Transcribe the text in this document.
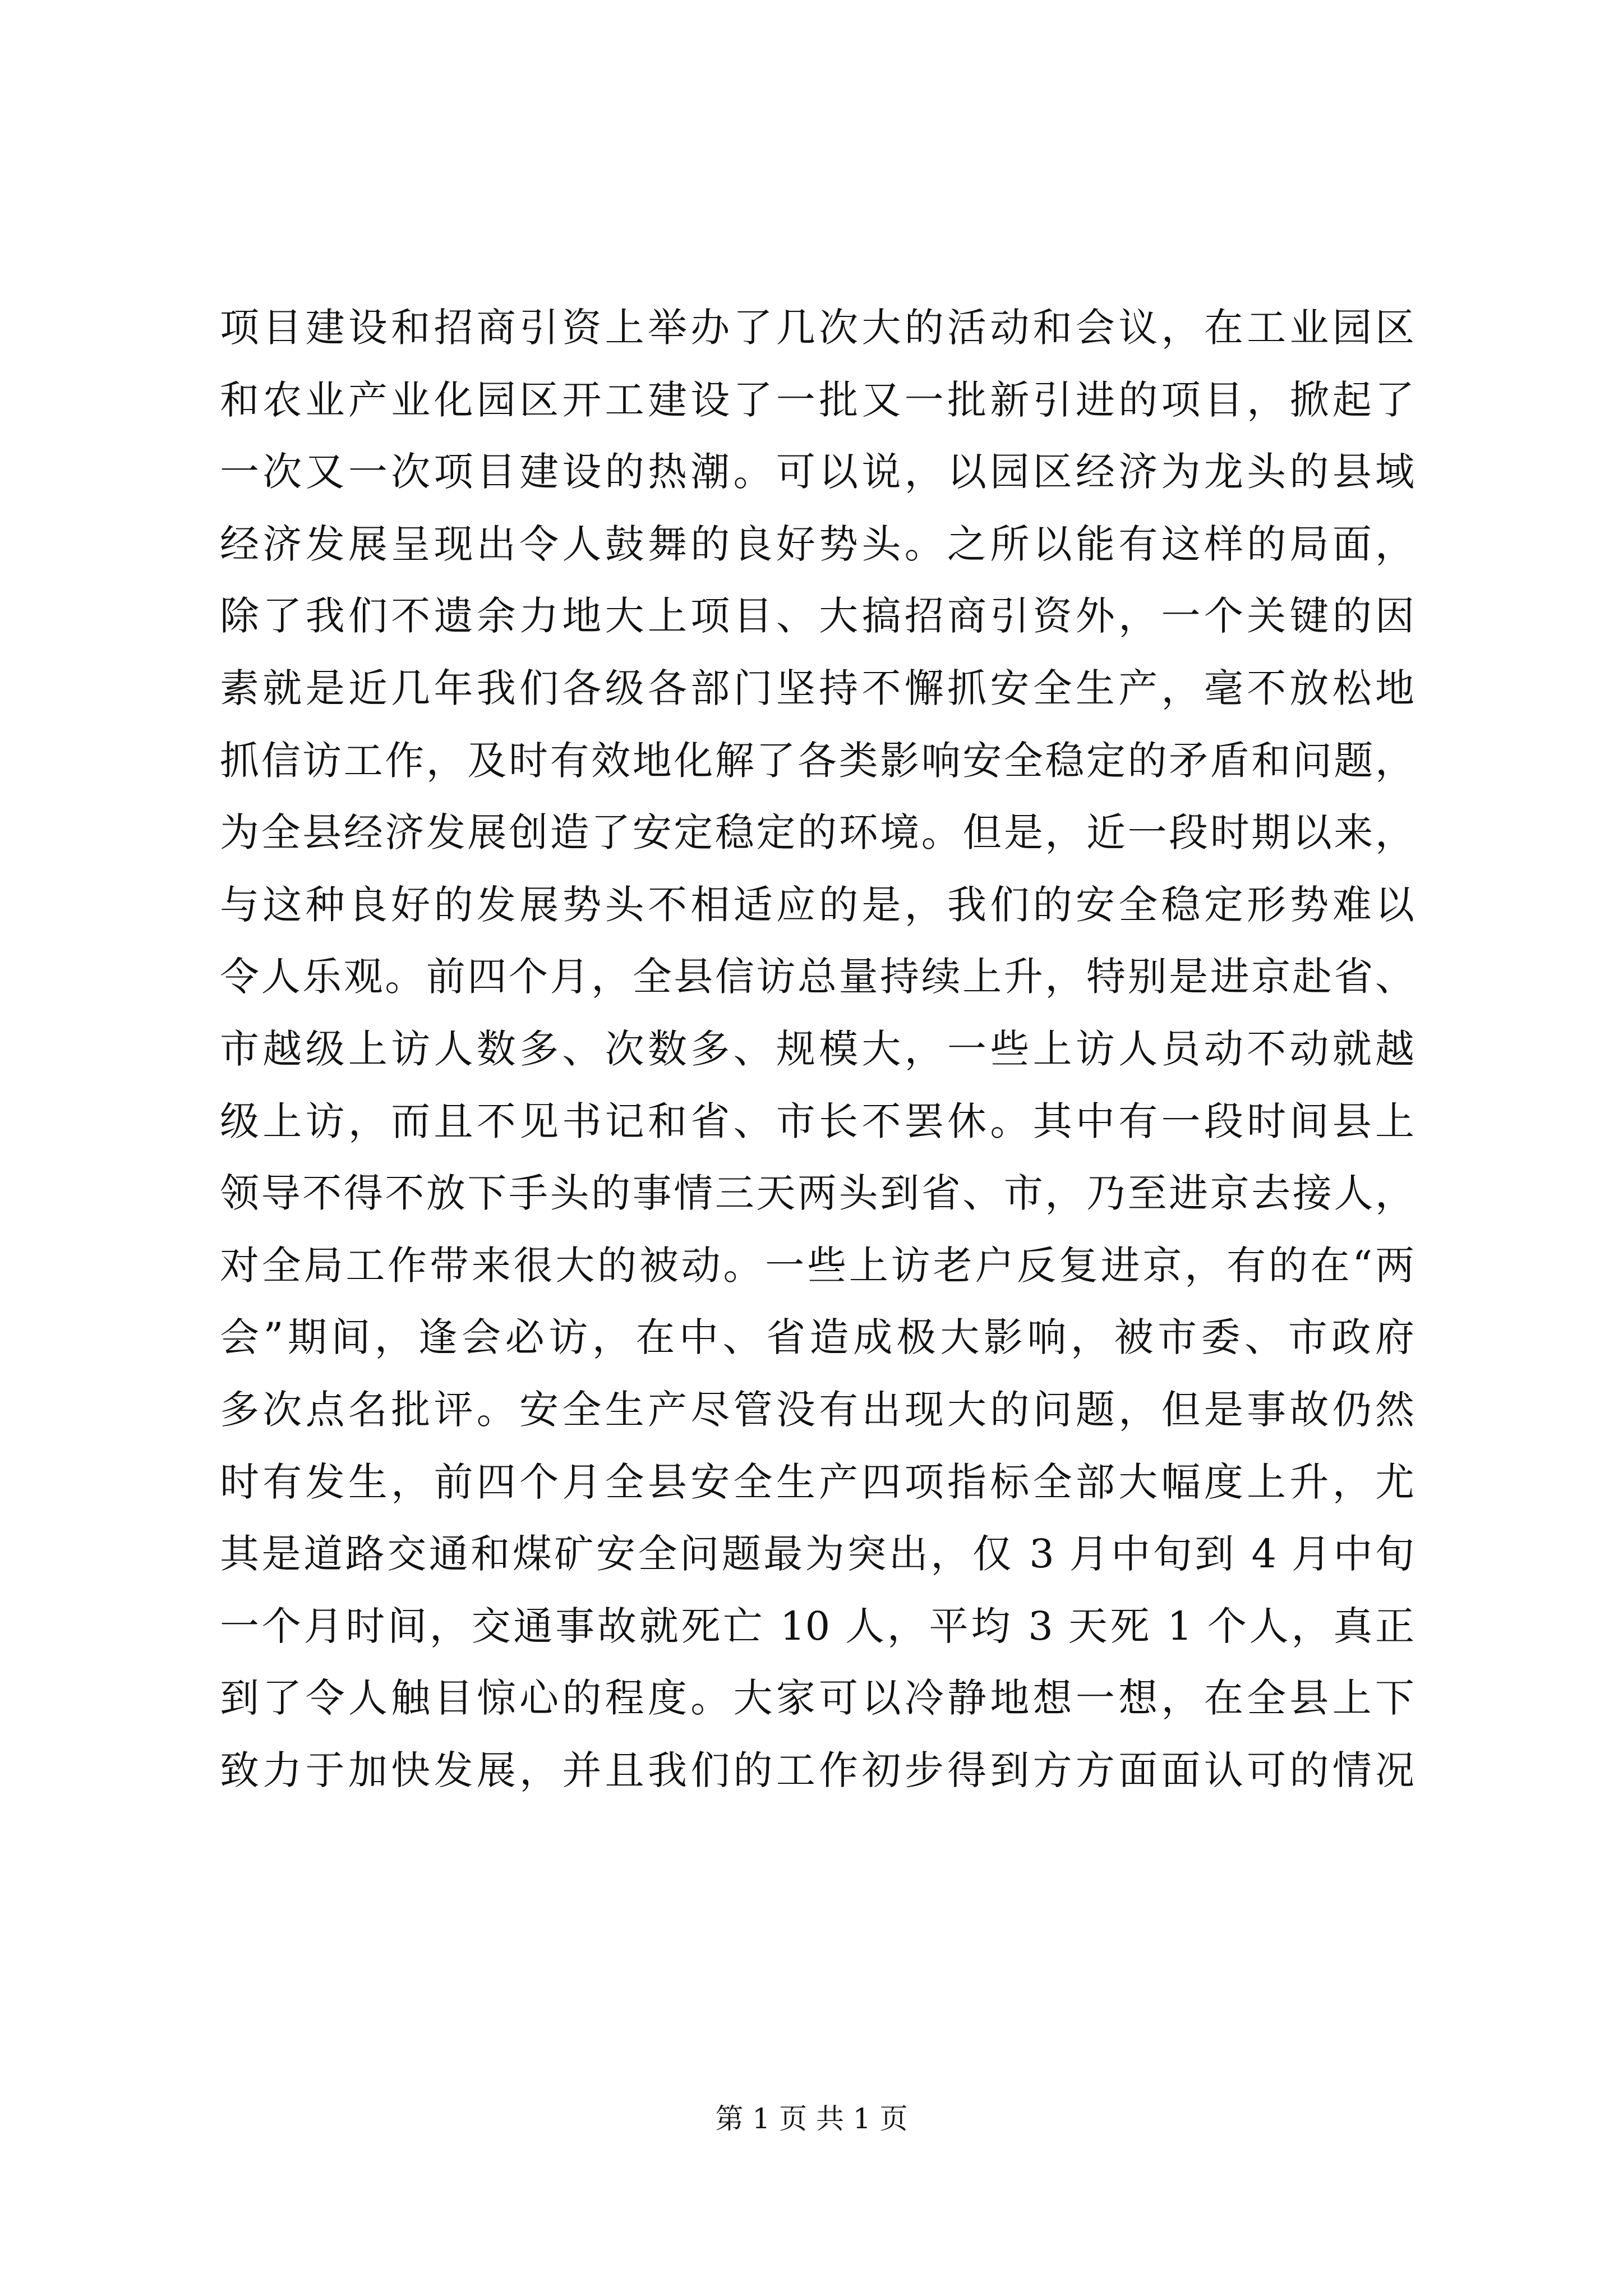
项目建设和招商引资上举办了几次大的活动和会议，在工业园区
和农业产业化园区开工建设了一批又一批新引进的项目，掀起了
一次又一次项目建设的热潮。可以说，以园区经济为龙头的县域
经济发展呈现出令人鼓舞的良好势头。之所以能有这样的局面，
除了我们不遗余力地大上项目、大搞招商引资外，一个关键的因
素就是近几年我们各级各部门坚持不懈抓安全生产，毫不放松地
抓信访工作，及时有效地化解了各类影响安全稳定的矛盾和问题，
为全县经济发展创造了安定稳定的环境。但是，近一段时期以来，
与这种良好的发展势头不相适应的是，我们的安全稳定形势难以
令人乐观。前四个月，全县信访总量持续上升，特别是进京赴省、
市越级上访人数多、次数多、规模大，一些上访人员动不动就越
级上访，而且不见书记和省、市长不罢休。其中有一段时间县上
领导不得不放下手头的事情三天两头到省、市，乃至进京去接人，
对全局工作带来很大的被动。一些上访老户反复进京，有的在“两
会”期间，逢会必访，在中、省造成极大影响，被市委、市政府
多次点名批评。安全生产尽管没有出现大的问题，但是事故仍然
时有发生，前四个月全县安全生产四项指标全部大幅度上升，尤
其是道路交通和煤矿安全问题最为突出，仅 3 月中旬到 4 月中旬
一个月时间，交通事故就死亡 10 人，平均 3 天死 1 个人，真正
到了令人触目惊心的程度。大家可以冷静地想一想，在全县上下
致力于加快发展，并且我们的工作初步得到方方面面认可的情况
第 1 页 共 1 页
